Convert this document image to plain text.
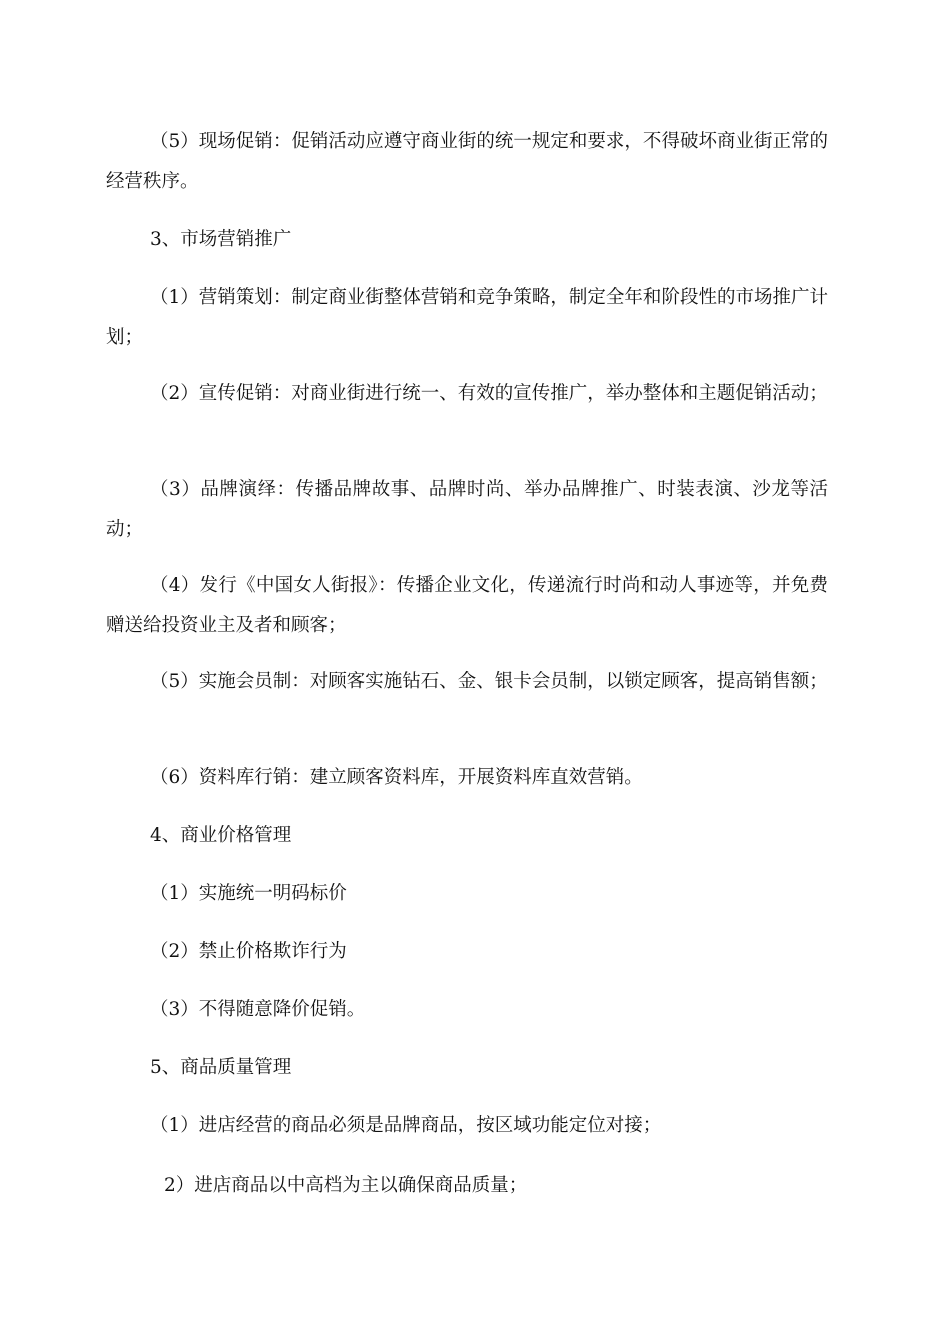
（5）现场促销：促销活动应遵守商业街的统一规定和要求，不得破坏商业街正常的经营秩序。

3、市场营销推广

（1）营销策划：制定商业街整体营销和竞争策略，制定全年和阶段性的市场推广计划；

（2）宣传促销：对商业街进行统一、有效的宣传推广，举办整体和主题促销活动；

（3）品牌演绎：传播品牌故事、品牌时尚、举办品牌推广、时装表演、沙龙等活动；

（4）发行《中国女人街报》：传播企业文化，传递流行时尚和动人事迹等，并免费赠送给投资业主及者和顾客；

（5）实施会员制：对顾客实施钻石、金、银卡会员制，以锁定顾客，提高销售额；

（6）资料库行销：建立顾客资料库，开展资料库直效营销。

4、商业价格管理

（1）实施统一明码标价

（2）禁止价格欺诈行为

（3）不得随意降价促销。

5、商品质量管理

（1）进店经营的商品必须是品牌商品，按区域功能定位对接；

2）进店商品以中高档为主以确保商品质量；
